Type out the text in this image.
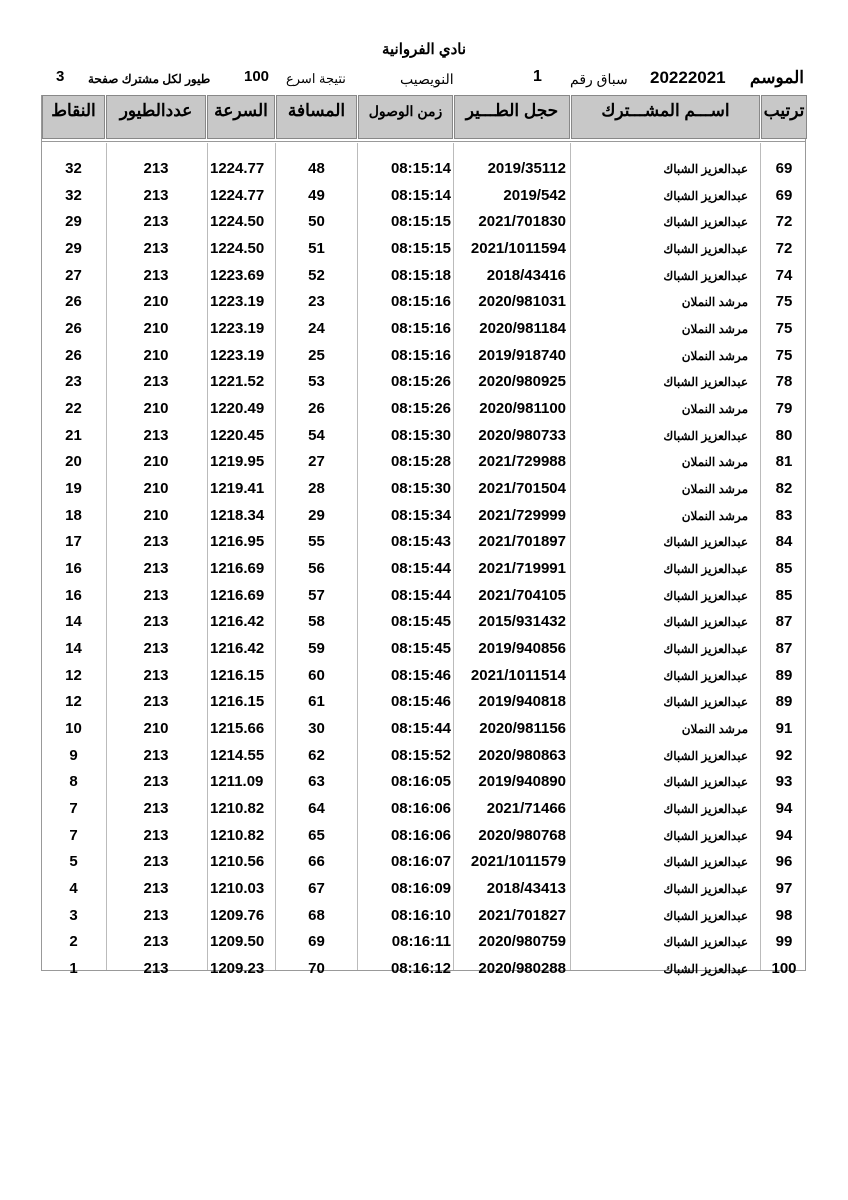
نادي الفروانية
الموسم
20222021
سباق رقم
1
النويصيب
نتيجة اسرع
100
طيور لكل مشترك صفحة
3
ترتيب
اســـم المشـــترك
حجل الطـــير
زمن الوصول
المسافة
السرعة
عددالطيور
النقاط
69
عبدالعزيز الشباك
2019/35112
08:15:14
48
1224.77
213
32
69
عبدالعزيز الشباك
2019/542
08:15:14
49
1224.77
213
32
72
عبدالعزيز الشباك
2021/701830
08:15:15
50
1224.50
213
29
72
عبدالعزيز الشباك
2021/1011594
08:15:15
51
1224.50
213
29
74
عبدالعزيز الشباك
2018/43416
08:15:18
52
1223.69
213
27
75
مرشد النملان
2020/981031
08:15:16
23
1223.19
210
26
75
مرشد النملان
2020/981184
08:15:16
24
1223.19
210
26
75
مرشد النملان
2019/918740
08:15:16
25
1223.19
210
26
78
عبدالعزيز الشباك
2020/980925
08:15:26
53
1221.52
213
23
79
مرشد النملان
2020/981100
08:15:26
26
1220.49
210
22
80
عبدالعزيز الشباك
2020/980733
08:15:30
54
1220.45
213
21
81
مرشد النملان
2021/729988
08:15:28
27
1219.95
210
20
82
مرشد النملان
2021/701504
08:15:30
28
1219.41
210
19
83
مرشد النملان
2021/729999
08:15:34
29
1218.34
210
18
84
عبدالعزيز الشباك
2021/701897
08:15:43
55
1216.95
213
17
85
عبدالعزيز الشباك
2021/719991
08:15:44
56
1216.69
213
16
85
عبدالعزيز الشباك
2021/704105
08:15:44
57
1216.69
213
16
87
عبدالعزيز الشباك
2015/931432
08:15:45
58
1216.42
213
14
87
عبدالعزيز الشباك
2019/940856
08:15:45
59
1216.42
213
14
89
عبدالعزيز الشباك
2021/1011514
08:15:46
60
1216.15
213
12
89
عبدالعزيز الشباك
2019/940818
08:15:46
61
1216.15
213
12
91
مرشد النملان
2020/981156
08:15:44
30
1215.66
210
10
92
عبدالعزيز الشباك
2020/980863
08:15:52
62
1214.55
213
9
93
عبدالعزيز الشباك
2019/940890
08:16:05
63
1211.09
213
8
94
عبدالعزيز الشباك
2021/71466
08:16:06
64
1210.82
213
7
94
عبدالعزيز الشباك
2020/980768
08:16:06
65
1210.82
213
7
96
عبدالعزيز الشباك
2021/1011579
08:16:07
66
1210.56
213
5
97
عبدالعزيز الشباك
2018/43413
08:16:09
67
1210.03
213
4
98
عبدالعزيز الشباك
2021/701827
08:16:10
68
1209.76
213
3
99
عبدالعزيز الشباك
2020/980759
08:16:11
69
1209.50
213
2
100
عبدالعزيز الشباك
2020/980288
08:16:12
70
1209.23
213
1
